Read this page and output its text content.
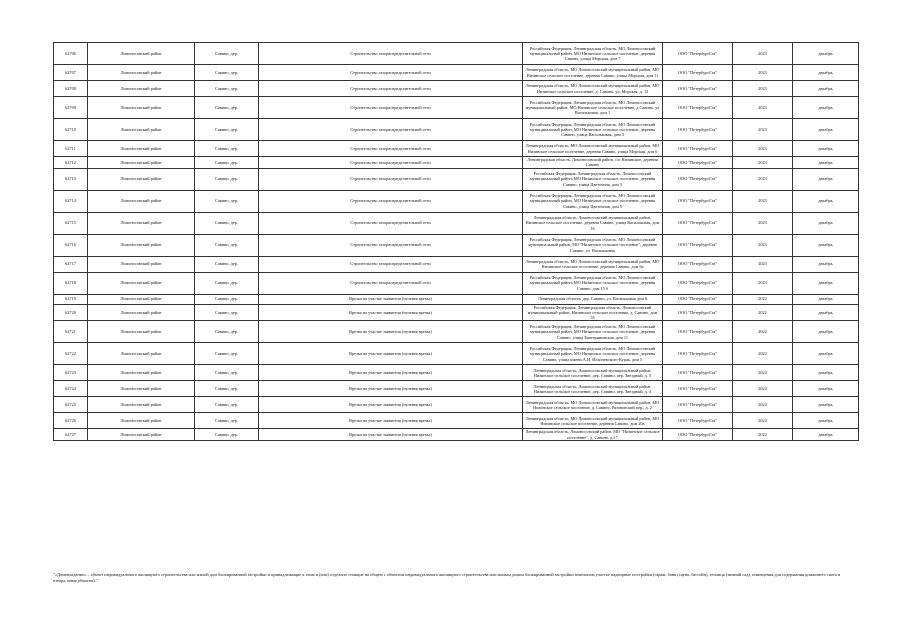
62706	Ломоносовский район	Савино, дер.	Строительство газораспределительной сети	Российская Федерация, Ленинградская область, МО Ломоносовский муниципальный район, МО Низинское сельское поселение, деревня Савино, улица Морская, дом 7	ООО "ПетербургГаз"	2023	декабрь
62707	Ломоносовский район	Савино, дер.	Строительство газораспределительной сети	Ленинградская область, МО Ломоносовский муниципальный район, МО Низинское сельское поселение, деревня Савино, улица Морская, дом 11	ООО "ПетербургГаз"	2023	декабрь
62708	Ломоносовский район	Савино, дер.	Строительство газораспределительной сети	Ленинградская область, МО Ломоносовский муниципальный район, МО Низинское сельское поселение, д. Савино, ул. Морская, д. 12	ООО "ПетербургГаз"	2023	декабрь
62709	Ломоносовский район	Савино, дер.	Строительство газораспределительной сети	Российская Федерация, Ленинградская область, МО Ломоносовский муниципальный район, МО Низинское сельское поселение, д Савино, ул Васильковая, дом 1	ООО "ПетербургГаз"	2023	декабрь
62710	Ломоносовский район	Савино, дер.	Строительство газораспределительной сети	Российская Федерация, Ленинградская область, МО Ломоносовский муниципальный район, МО Низинское сельское поселение, деревня Савино, улица Васильковая, дом 3	ООО "ПетербургГаз"	2023	декабрь
62711	Ломоносовский район	Савино, дер.	Строительство газораспределительной сети	Ленинградская область, МО Ломоносовский муниципальный район, МО Низинское сельское поселение, деревня Савино, улица Морская, дом 6	ООО "ПетербургГаз"	2023	декабрь
62712	Ломоносовский район	Савино, дер.	Строительство газораспределительной сети	Ленинградская область, Ломоносовский район, с/п Низинское, деревня Савино	ООО "ПетербургГаз"	2023	декабрь
62713	Ломоносовский район	Савино, дер.	Строительство газораспределительной сети	Российская Федерация, Ленинградская область, Ломоносовский муниципальный район, МО Низинское сельское поселение, деревня Савино, улица Цветочная, дом 3	ООО "ПетербургГаз"	2023	декабрь
62714	Ломоносовский район	Савино, дер.	Строительство газораспределительной сети	Российская Федерация, Ленинградская область, МО Ломоносовский муниципальный район, МО Низинское сельское поселение, деревня Савино, улица Цветочная, дом 5	ООО "ПетербургГаз"	2023	декабрь
62715	Ломоносовский район	Савино, дер.	Строительство газораспределительной сети	Ленинградская область, Ломоносовский муниципальный район, Низинское сельское поселение, деревня Савино, улица Васильковая, дом 16	ООО "ПетербургГаз"	2023	декабрь
62716	Ломоносовский район	Савино, дер.	Строительство газораспределительной сети	Российская Федерация, Ленинградская область, МО Ломоносовский муниципальный район, МО "Низинское сельское поселение", деревня Савино, ул. Васильковая	ООО "ПетербургГаз"	2023	декабрь
62717	Ломоносовский район	Савино, дер.	Строительство газораспределительной сети	Ленинградская область, МО Ломоносовский муниципальный район, МО Низинское сельское поселение, деревня Савино, дом 6а	ООО "ПетербургГаз"	2023	декабрь
62718	Ломоносовский район	Савино, дер.	Строительство газораспределительной сети	Российская Федерация, Ленинградская область, МО Ломоносовский муниципальный район, МО Низинское сельское поселение, деревня Савино, дом 15 б	ООО "ПетербургГаз"	2023	декабрь
62719	Ломоносовский район	Савино, дер.	Врезка на участке заявителя (нулевая врезка)	Ленинградская область, дер. Савино, ул. Васильковая дом 8	ООО "ПетербургГаз"	2022	декабрь
62720	Ломоносовский район	Савино, дер.	Врезка на участке заявителя (нулевая врезка)	Российская Федерация, Ленинградская область, Ломоносовский муниципальный район, Низинское сельское поселение, д. Савино, дом 55	ООО "ПетербургГаз"	2022	декабрь
62721	Ломоносовский район	Савино, дер.	Врезка на участке заявителя (нулевая врезка)	Российская Федерация, Ленинградская область, МО Ломоносовский муниципальный район, МО Низинское сельское поселение, деревня Савино, улица Екатерининская, дом 11	ООО "ПетербургГаз"	2022	декабрь
62722	Ломоносовский район	Савино, дер.	Врезка на участке заявителя (нулевая врезка)	Российская Федерация, Ленинградская область, МО Ломоносовский муниципальный район, МО Низинское сельское поселение, деревня Савино, улица имени А.И. Ильичевского-Куряк, дом 5	ООО "ПетербургГаз"	2022	декабрь
62723	Ломоносовский район	Савино, дер.	Врезка на участке заявителя (нулевая врезка)	Ленинградская область, Ломоносовский муниципальный район, Низинское сельское поселение, дер. Савино, пер. Звездный, д. 5	ООО "ПетербургГаз"	2022	декабрь
62724	Ломоносовский район	Савино, дер.	Врезка на участке заявителя (нулевая врезка)	Ленинградская область, Ломоносовский муниципальный район, Низинское сельское поселение, дер. Савино, пер. Звездный, д. 4	ООО "ПетербургГаз"	2022	декабрь
62725	Ломоносовский район	Савино, дер.	Врезка на участке заявителя (нулевая врезка)	Ленинградская область, МО Ломоносовский муниципальный район, МО Низинское сельское поселение, д. Савино, Рязановский пер., д. 2	ООО "ПетербургГаз"	2022	декабрь
62726	Ломоносовский район	Савино, дер.	Врезка на участке заявителя (нулевая врезка)	Ленинградская область, МО Ломоносовский муниципальный район, МО Низинское сельское поселение, деревня Савино, дом 20а	ООО "ПетербургГаз"	2022	декабрь
62727	Ломоносовский район	Савино, дер.	Врезка на участке заявителя (нулевая врезка)	Ленинградская область, Ломоносовский район, МО "Низинское сельское поселение", д. Савино, д.17	ООО "ПетербургГаз"	2022	декабрь
"«Домовладение» – объект индивидуального жилищного строительства или жилой дом блокированной застройки и принадлежащие к этим и (или) отдельно стоящие на общем с объектом индивидуального жилищного строительства или жилым домом блокированной застройки земельном участке надворные постройки (гараж, баня (сауна, бассейн), теплица (зимний сад), помещения для содержания домашнего скота и птицы, иные объекты).".
